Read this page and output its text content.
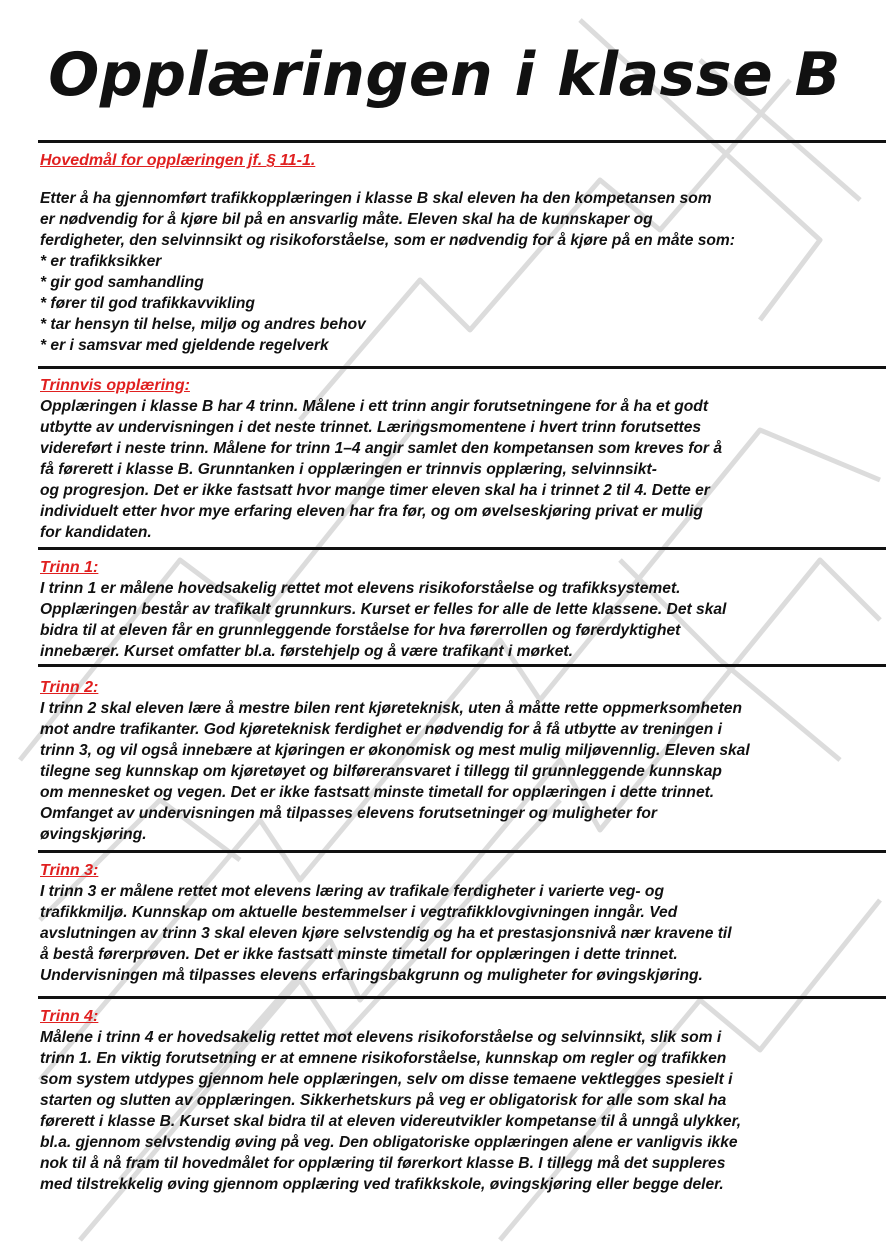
Opplæringen i klasse B
Hovedmål for opplæringen jf. § 11-1.
Etter å ha gjennomført trafikkopplæringen i klasse B skal eleven ha den kompetansen som
er nødvendig for å kjøre bil på en ansvarlig måte. Eleven skal ha de kunnskaper og
ferdigheter, den selvinnsikt og risikoforståelse, som er nødvendig for å kjøre på en måte som:
* er trafikksikker
* gir god samhandling
* fører til god trafikkavvikling
* tar hensyn til helse, miljø og andres behov
* er i samsvar med gjeldende regelverk
Trinnvis opplæring:
Opplæringen i klasse B har 4 trinn. Målene i ett trinn angir forutsetningene for å ha et godt
utbytte av undervisningen i det neste trinnet. Læringsmomentene i hvert trinn forutsettes
videreført i neste trinn. Målene for trinn 1–4 angir samlet den kompetansen som kreves for å
få førerett i klasse B. Grunntanken i opplæringen er trinnvis opplæring, selvinnsikt-
og progresjon. Det er ikke fastsatt hvor mange timer eleven skal ha i trinnet 2 til 4. Dette er
individuelt etter hvor mye erfaring eleven har fra før, og om øvelseskjøring privat er mulig
for kandidaten.
Trinn 1:
I trinn 1 er målene hovedsakelig rettet mot elevens risikoforståelse og trafikksystemet.
Opplæringen består av trafikalt grunnkurs. Kurset er felles for alle de lette klassene. Det skal
bidra til at eleven får en grunnleggende forståelse for hva førerrollen og førerdyktighet
innebærer. Kurset omfatter bl.a. førstehjelp og å være trafikant i mørket.
Trinn 2:
I trinn 2 skal eleven lære å mestre bilen rent kjøreteknisk, uten å måtte rette oppmerksomheten
mot andre trafikanter. God kjøreteknisk ferdighet er nødvendig for å få utbytte av treningen i
trinn 3, og vil også innebære at kjøringen er økonomisk og mest mulig miljøvennlig. Eleven skal
tilegne seg kunnskap om kjøretøyet og bilføreransvaret i tillegg til grunnleggende kunnskap
om mennesket og vegen. Det er ikke fastsatt minste timetall for opplæringen i dette trinnet.
Omfanget av undervisningen må tilpasses elevens forutsetninger og muligheter for
øvingskjøring.
Trinn 3:
I trinn 3 er målene rettet mot elevens læring av trafikale ferdigheter i varierte veg- og
trafikkmiljø. Kunnskap om aktuelle bestemmelser i vegtrafikklovgivningen inngår. Ved
avslutningen av trinn 3 skal eleven kjøre selvstendig og ha et prestasjonsnivå nær kravene til
å bestå førerprøven. Det er ikke fastsatt minste timetall for opplæringen i dette trinnet.
Undervisningen må tilpasses elevens erfaringsbakgrunn og muligheter for øvingskjøring.
Trinn 4:
Målene i trinn 4 er hovedsakelig rettet mot elevens risikoforståelse og selvinnsikt, slik som i
trinn 1. En viktig forutsetning er at emnene risikoforståelse, kunnskap om regler og trafikken
som system utdypes gjennom hele opplæringen, selv om disse temaene vektlegges spesielt i
starten og slutten av opplæringen. Sikkerhetskurs på veg er obligatorisk for alle som skal ha
førerett i klasse B. Kurset skal bidra til at eleven videreutvikler kompetanse til å unngå ulykker,
bl.a. gjennom selvstendig øving på veg. Den obligatoriske opplæringen alene er vanligvis ikke
nok til å nå fram til hovedmålet for opplæring til førerkort klasse B. I tillegg må det suppleres
med tilstrekkelig øving gjennom opplæring ved trafikkskole, øvingskjøring eller begge deler.
